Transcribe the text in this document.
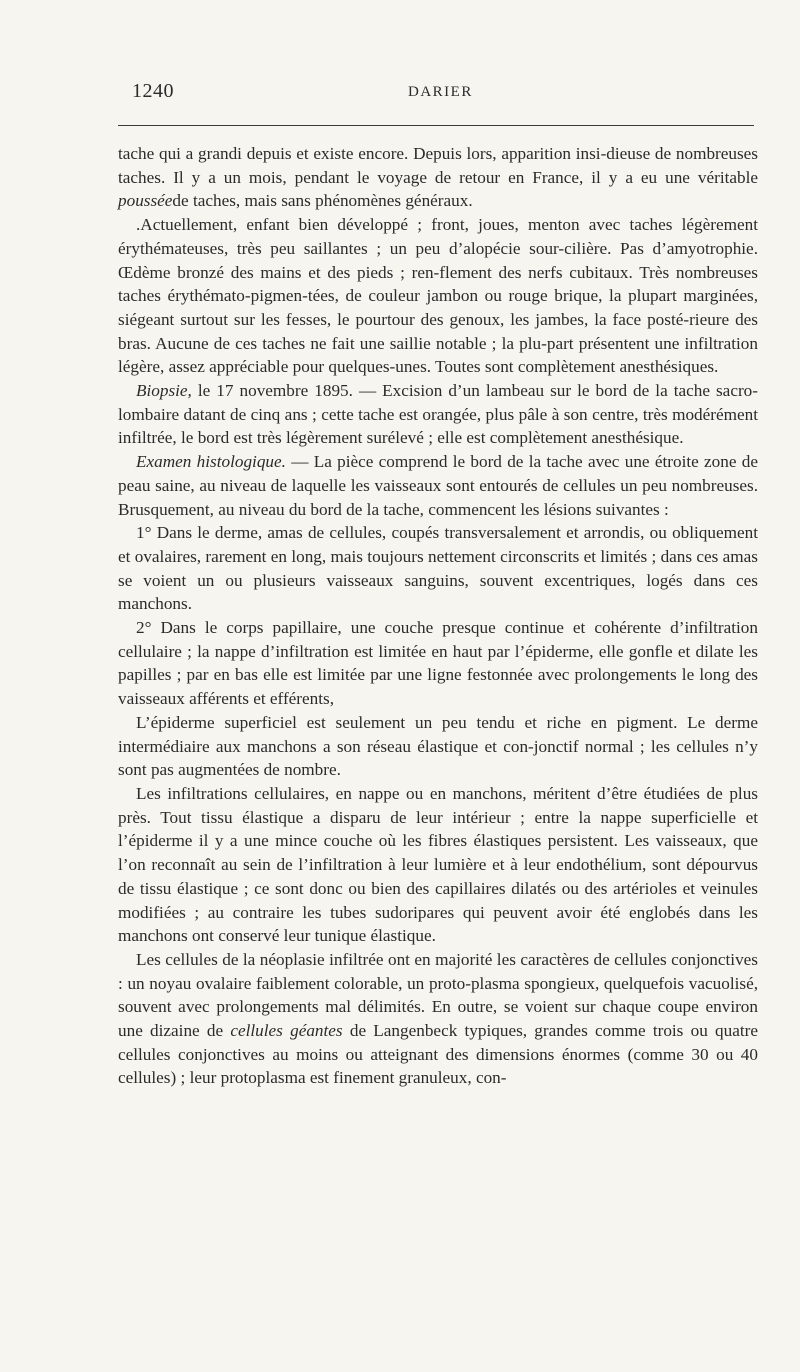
1240	DARIER

tache qui a grandi depuis et existe encore. Depuis lors, apparition insi-dieuse de nombreuses taches. Il y a un mois, pendant le voyage de retour en France, il y a eu une véritable pousséede taches, mais sans phénomènes généraux.

.Actuellement, enfant bien développé ; front, joues, menton avec taches légèrement érythémateuses, très peu saillantes ; un peu d’alopécie sour-cilière. Pas d’amyotrophie. Œdème bronzé des mains et des pieds ; ren-flement des nerfs cubitaux. Très nombreuses taches érythémato-pigmen-tées, de couleur jambon ou rouge brique, la plupart marginées, siégeant surtout sur les fesses, le pourtour des genoux, les jambes, la face posté-rieure des bras. Aucune de ces taches ne fait une saillie notable ; la plu-part présentent une infiltration légère, assez appréciable pour quelques-unes. Toutes sont complètement anesthésiques.

Biopsie, le 17 novembre 1895. — Excision d’un lambeau sur le bord de la tache sacro-lombaire datant de cinq ans ; cette tache est orangée, plus pâle à son centre, très modérément infiltrée, le bord est très légèrement surélevé ; elle est complètement anesthésique.

Examen histologique. — La pièce comprend le bord de la tache avec une étroite zone de peau saine, au niveau de laquelle les vaisseaux sont entourés de cellules un peu nombreuses. Brusquement, au niveau du bord de la tache, commencent les lésions suivantes :

1° Dans le derme, amas de cellules, coupés transversalement et arrondis, ou obliquement et ovalaires, rarement en long, mais toujours nettement circonscrits et limités ; dans ces amas se voient un ou plusieurs vaisseaux sanguins, souvent excentriques, logés dans ces manchons.

2° Dans le corps papillaire, une couche presque continue et cohérente d’infiltration cellulaire ; la nappe d’infiltration est limitée en haut par l’épiderme, elle gonfle et dilate les papilles ; par en bas elle est limitée par une ligne festonnée avec prolongements le long des vaisseaux afférents et efférents,

L’épiderme superficiel est seulement un peu tendu et riche en pigment. Le derme intermédiaire aux manchons a son réseau élastique et con-jonctif normal ; les cellules n’y sont pas augmentées de nombre.

Les infiltrations cellulaires, en nappe ou en manchons, méritent d’être étudiées de plus près. Tout tissu élastique a disparu de leur intérieur ; entre la nappe superficielle et l’épiderme il y a une mince couche où les fibres élastiques persistent. Les vaisseaux, que l’on reconnaît au sein de l’infiltration à leur lumière et à leur endothélium, sont dépourvus de tissu élastique ; ce sont donc ou bien des capillaires dilatés ou des artérioles et veinules modifiées ; au contraire les tubes sudoripares qui peuvent avoir été englobés dans les manchons ont conservé leur tunique élastique.

Les cellules de la néoplasie infiltrée ont en majorité les caractères de cellules conjonctives : un noyau ovalaire faiblement colorable, un proto-plasma spongieux, quelquefois vacuolisé, souvent avec prolongements mal délimités. En outre, se voient sur chaque coupe environ une dizaine de cellules géantes de Langenbeck typiques, grandes comme trois ou quatre cellules conjonctives au moins ou atteignant des dimensions énormes (comme 30 ou 40 cellules) ; leur protoplasma est finement granuleux, con-
